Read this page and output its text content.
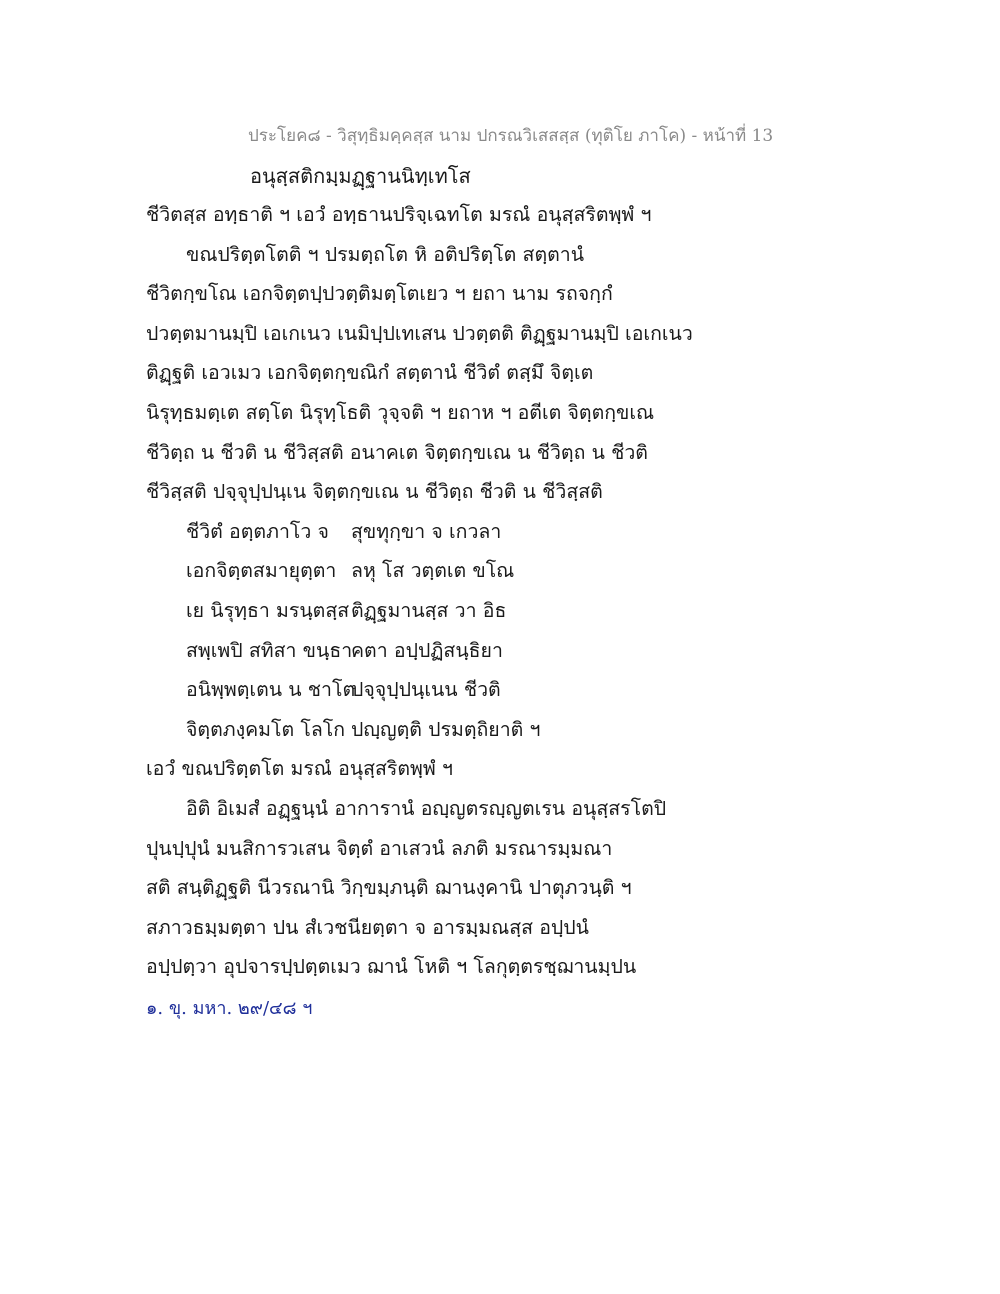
ประโยค๘ - วิสุทฺธิมคฺคสฺส นาม ปกรณวิเสสสฺส (ทุติโย ภาโค) - หน้าที่ 13
อนุสฺสติกมฺมฏฺฐานนิทฺเทโส
ชีวิตสฺส อทฺธาติ ฯ เอวํ อทฺธานปริจฺเฉทโต มรณํ อนุสฺสริตพฺพํ ฯ
ขณปริตฺตโตติ ฯ ปรมตฺถโต หิ อติปริตฺโต สตฺตานํ
ชีวิตกฺขโณ เอกจิตฺตปฺปวตฺติมตฺโตเยว ฯ ยถา นาม รถจกฺกํ
ปวตฺตมานมฺปิ เอเกเนว เนมิปฺปเทเสน ปวตฺตติ ติฏฺฐมานมฺปิ เอเกเนว
ติฏฺฐติ เอวเมว เอกจิตฺตกฺขณิกํ สตฺตานํ ชีวิตํ ตสฺมึ จิตฺเต
นิรุทฺธมตฺเต สตฺโต นิรุทฺโธติ วุจฺจติ ฯ ยถาห ฯ อตีเต จิตฺตกฺขเณ
ชีวิตฺถ น ชีวติ น ชีวิสฺสติ อนาคเต จิตฺตกฺขเณ น ชีวิตฺถ น ชีวติ
ชีวิสฺสติ ปจฺจุปฺปนฺเน จิตฺตกฺขเณ น ชีวิตฺถ ชีวติ น ชีวิสฺสติ
ชีวิตํ อตฺตภาโว จ	สุขทุกฺขา จ เกวลา
เอกจิตฺตสมายุตฺตา ลหุ โส วตฺตเต ขโณ
เย นิรุทฺธา มรนฺตสฺส ติฏฺฐมานสฺส วา อิธ
สพฺเพปิ สทิสา ขนฺธา
คตา อปฺปฏิสนฺธิยา
อนิพฺพตฺเตน น ชาโต
ปจฺจุปฺปนฺเนน ชีวติ
จิตฺตภงฺคมโต โลโก ปญฺญตฺติ ปรมตฺถิยาติ ฯ
เอวํ ขณปริตฺตโต มรณํ อนุสฺสริตพฺพํ ฯ
อิติ อิเมสํ อฏฺฐนฺนํ อาการานํ อญฺญตรญฺญตเรน อนุสฺสรโตปิ
ปุนปฺปุนํ มนสิการวเสน จิตฺตํ อาเสวนํ ลภติ มรณารมฺมณา
สติ สนฺติฏฺฐติ นีวรณานิ วิกฺขมฺภนฺติ ฌานงฺคานิ ปาตุภวนฺติ ฯ
สภาวธมฺมตฺตา ปน สํเวชนียตฺตา จ อารมฺมณสฺส อปฺปนํ
อปฺปตฺวา อุปจารปฺปตฺตเมว ฌานํ โหติ ฯ โลกุตฺตรชฺฌานมฺปน
๑. ขุ. มหา. ๒๙/๔๘ ฯ
